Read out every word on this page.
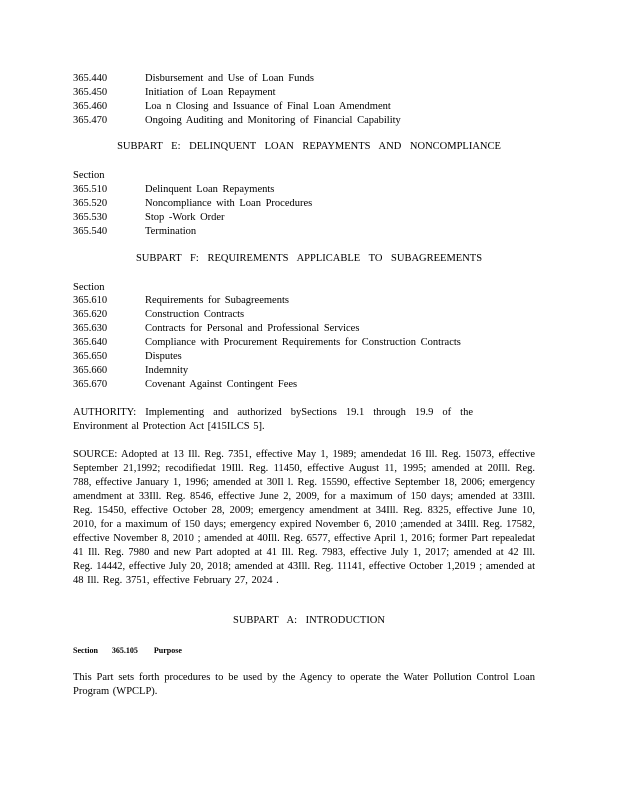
365.440	Disbursement and Use of Loan Funds
365.450	Initiation of Loan Repayment
365.460	Loa n Closing and Issuance of Final Loan Amendment
365.470	Ongoing Auditing and Monitoring of Financial Capability
SUBPART E: DELINQUENT LOAN REPAYMENTS AND NONCOMPLIANCE
Section
365.510	Delinquent Loan Repayments
365.520	Noncompliance with Loan Procedures
365.530	Stop -Work Order
365.540	Termination
SUBPART F: REQUIREMENTS APPLICABLE TO SUBAGREEMENTS
Section
365.610	Requirements for Subagreements
365.620	Construction Contracts
365.630	Contracts for Personal and Professional Services
365.640	Compliance with Procurement Requirements for Construction Contracts
365.650	Disputes
365.660	Indemnity
365.670	Covenant Against Contingent Fees
AUTHORITY: Implementing and authorized bySections 19.1 through 19.9 of the Environment al Protection Act [415ILCS 5].
SOURCE: Adopted at 13 Ill. Reg. 7351, effective May 1, 1989; amendedat 16 Ill. Reg. 15073, effective September 21,1992; recodifiedat 19Ill. Reg. 11450, effective August 11, 1995; amended at 20Ill. Reg. 788, effective January 1, 1996; amended at 30Il l. Reg. 15590, effective September 18, 2006; emergency amendment at 33Ill. Reg. 8546, effective June 2, 2009, for a maximum of 150 days; amended at 33Ill. Reg. 15450, effective October 28, 2009; emergency amendment at 34Ill. Reg. 8325, effective June 10, 2010, for a maximum of 150 days; emergency expired November 6, 2010 ;amended at 34Ill. Reg. 17582, effective November 8, 2010 ; amended at 40Ill. Reg. 6577, effective April 1, 2016; former Part repealedat 41 Ill. Reg. 7980 and new Part adopted at 41 Ill. Reg. 7983, effective July 1, 2017; amended at 42 Ill. Reg. 14442, effective July 20, 2018; amended at 43Ill. Reg. 11141, effective October 1,2019 ; amended at 48 Ill. Reg. 3751, effective February 27, 2024 .
SUBPART A: INTRODUCTION
Section 365.105 Purpose
This Part sets forth procedures to be used by the Agency to operate the Water Pollution Control Loan Program (WPCLP).
